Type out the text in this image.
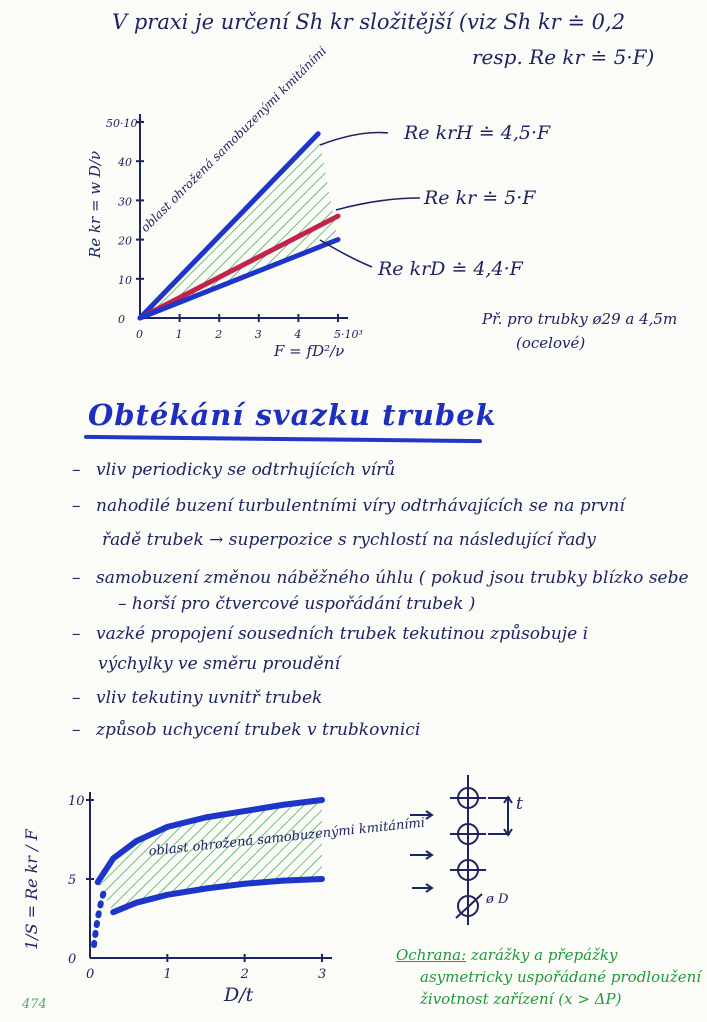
V praxi je určení Sh kr složitější (viz Sh kr ≐ 0,2
resp. Re kr ≐ 5·F)
0	1	2	3	4	5·10³
0
10
20
30
40
50·10³
0	1	2	3
0
5
10
Re krH ≐ 4,5·F
Re kr ≐ 5·F
Re krD ≐ 4,4·F
Př. pro trubky ø29 a 4,5m
(ocelové)
oblast ohrožená samobuzenými kmitáními
F = fD²/ν
Re kr = w D/ν
Obtékání svazku trubek
– vliv periodicky se odtrhujících vírů
– nahodilé buzení turbulentními víry odtrhávajících se na první
řadě trubek → superpozice s rychlostí na následující řady
– samobuzení změnou náběžného úhlu ( pokud jsou trubky blízko sebe
– horší pro čtvercové uspořádání trubek )
– vazké propojení sousedních trubek tekutinou způsobuje i
výchylky ve směru proudění
– vliv tekutiny uvnitř trubek
– způsob uchycení trubek v trubkovnici
oblast ohrožená samobuzenými kmitáními
D/t
1/S = Re kr / F
t
ø D
Ochrana: zarážky a přepážky
asymetricky uspořádané prodloužení
životnost zařízení (x > ΔP)
474
